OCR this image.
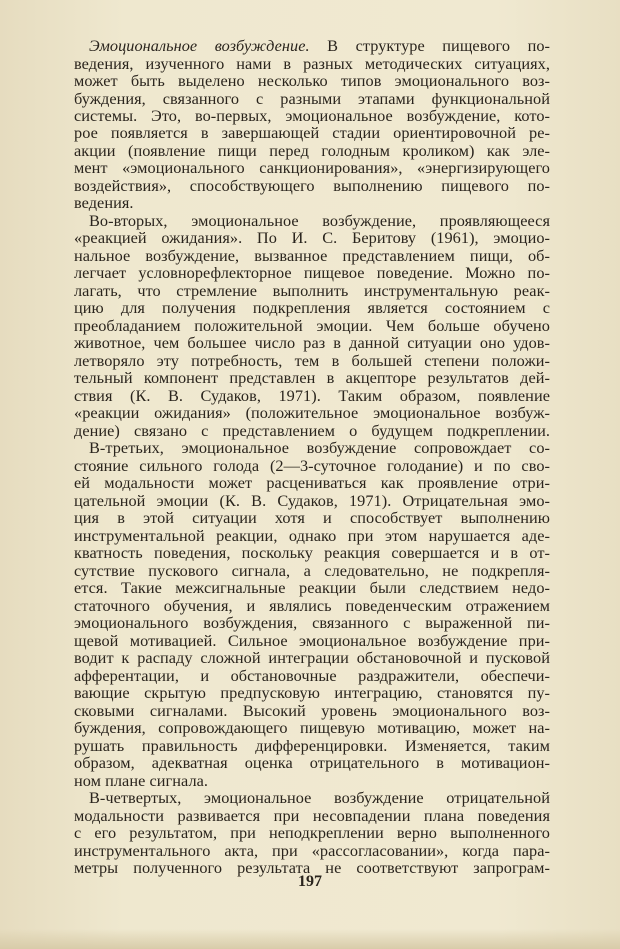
Эмоциональное возбуждение. В структуре пищевого по-
ведения, изученного нами в разных методических ситуациях,
может быть выделено несколько типов эмоционального воз-
буждения, связанного с разными этапами функциональной
системы. Это, во-первых, эмоциональное возбуждение, кото-
рое появляется в завершающей стадии ориентировочной ре-
акции (появление пищи перед голодным кроликом) как эле-
мент «эмоционального санкционирования», «энергизирующего
воздействия», способствующего выполнению пищевого по-
ведения.
Во-вторых, эмоциональное возбуждение, проявляющееся
«реакцией ожидания». По И. С. Беритову (1961), эмоцио-
нальное возбуждение, вызванное представлением пищи, об-
легчает условнорефлекторное пищевое поведение. Можно по-
лагать, что стремление выполнить инструментальную реак-
цию для получения подкрепления является состоянием с
преобладанием положительной эмоции. Чем больше обучено
животное, чем большее число раз в данной ситуации оно удов-
летворяло эту потребность, тем в большей степени положи-
тельный компонент представлен в акцепторе результатов дей-
ствия (К. В. Судаков, 1971). Таким образом, появление
«реакции ожидания» (положительное эмоциональное возбуж-
дение) связано с представлением о будущем подкреплении.
В-третьих, эмоциональное возбуждение сопровождает со-
стояние сильного голода (2—3-суточное голодание) и по сво-
ей модальности может расцениваться как проявление отри-
цательной эмоции (К. В. Судаков, 1971). Отрицательная эмо-
ция в этой ситуации хотя и способствует выполнению
инструментальной реакции, однако при этом нарушается аде-
кватность поведения, поскольку реакция совершается и в от-
сутствие пускового сигнала, а следовательно, не подкрепля-
ется. Такие межсигнальные реакции были следствием недо-
статочного обучения, и являлись поведенческим отражением
эмоционального возбуждения, связанного с выраженной пи-
щевой мотивацией. Сильное эмоциональное возбуждение при-
водит к распаду сложной интеграции обстановочной и пусковой
афферентации, и обстановочные раздражители, обеспечи-
вающие скрытую предпусковую интеграцию, становятся пу-
сковыми сигналами. Высокий уровень эмоционального воз-
буждения, сопровождающего пищевую мотивацию, может на-
рушать правильность дифференцировки. Изменяется, таким
образом, адекватная оценка отрицательного в мотивацион-
ном плане сигнала.
В-четвертых, эмоциональное возбуждение отрицательной
модальности развивается при несовпадении плана поведения
с его результатом, при неподкреплении верно выполненного
инструментального акта, при «рассогласовании», когда пара-
метры полученного результата не соответствуют запрограм-
197
